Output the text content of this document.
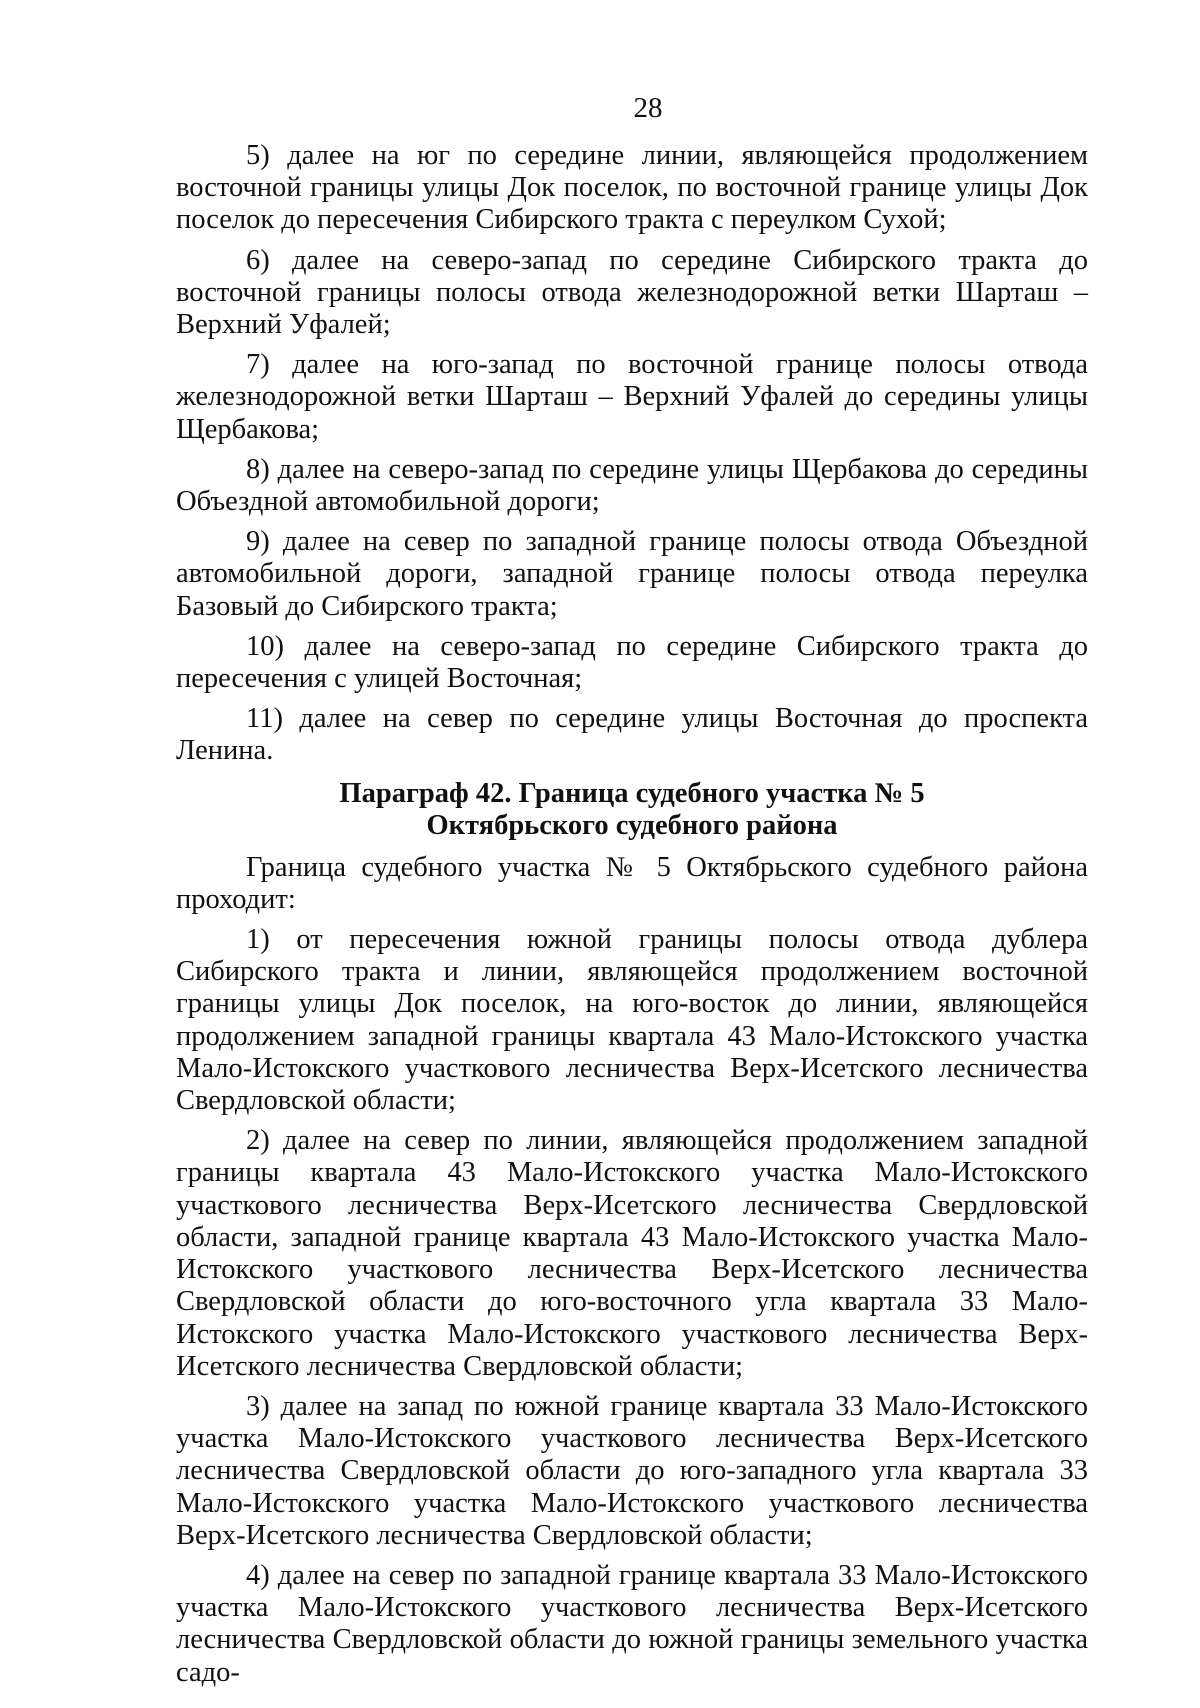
28

5) далее на юг по середине линии, являющейся продолжением восточной границы улицы Док поселок, по восточной границе улицы Док поселок до пересечения Сибирского тракта с переулком Сухой;

6) далее на северо-запад по середине Сибирского тракта до восточной границы полосы отвода железнодорожной ветки Шарташ – Верхний Уфалей;

7) далее на юго-запад по восточной границе полосы отвода железнодорожной ветки Шарташ – Верхний Уфалей до середины улицы Щербакова;

8) далее на северо-запад по середине улицы Щербакова до середины Объездной автомобильной дороги;

9) далее на север по западной границе полосы отвода Объездной автомобильной дороги, западной границе полосы отвода переулка Базовый до Сибирского тракта;

10) далее на северо-запад по середине Сибирского тракта до пересечения с улицей Восточная;

11) далее на север по середине улицы Восточная до проспекта Ленина.

Параграф 42. Граница судебного участка № 5
Октябрьского судебного района

Граница судебного участка № 5 Октябрьского судебного района проходит:

1) от пересечения южной границы полосы отвода дублера Сибирского тракта и линии, являющейся продолжением восточной границы улицы Док поселок, на юго-восток до линии, являющейся продолжением западной границы квартала 43 Мало-Истокского участка Мало-Истокского участкового лесничества Верх-Исетского лесничества Свердловской области;

2) далее на север по линии, являющейся продолжением западной границы квартала 43 Мало-Истокского участка Мало-Истокского участкового лесничества Верх-Исетского лесничества Свердловской области, западной границе квартала 43 Мало-Истокского участка Мало-Истокского участкового лесничества Верх-Исетского лесничества Свердловской области до юго-восточного угла квартала 33 Мало-Истокского участка Мало-Истокского участкового лесничества Верх-Исетского лесничества Свердловской области;

3) далее на запад по южной границе квартала 33 Мало-Истокского участка Мало-Истокского участкового лесничества Верх-Исетского лесничества Свердловской области до юго-западного угла квартала 33 Мало-Истокского участка Мало-Истокского участкового лесничества Верх-Исетского лесничества Свердловской области;

4) далее на север по западной границе квартала 33 Мало-Истокского участка Мало-Истокского участкового лесничества Верх-Исетского лесничества Свердловской области до южной границы земельного участка садо-
